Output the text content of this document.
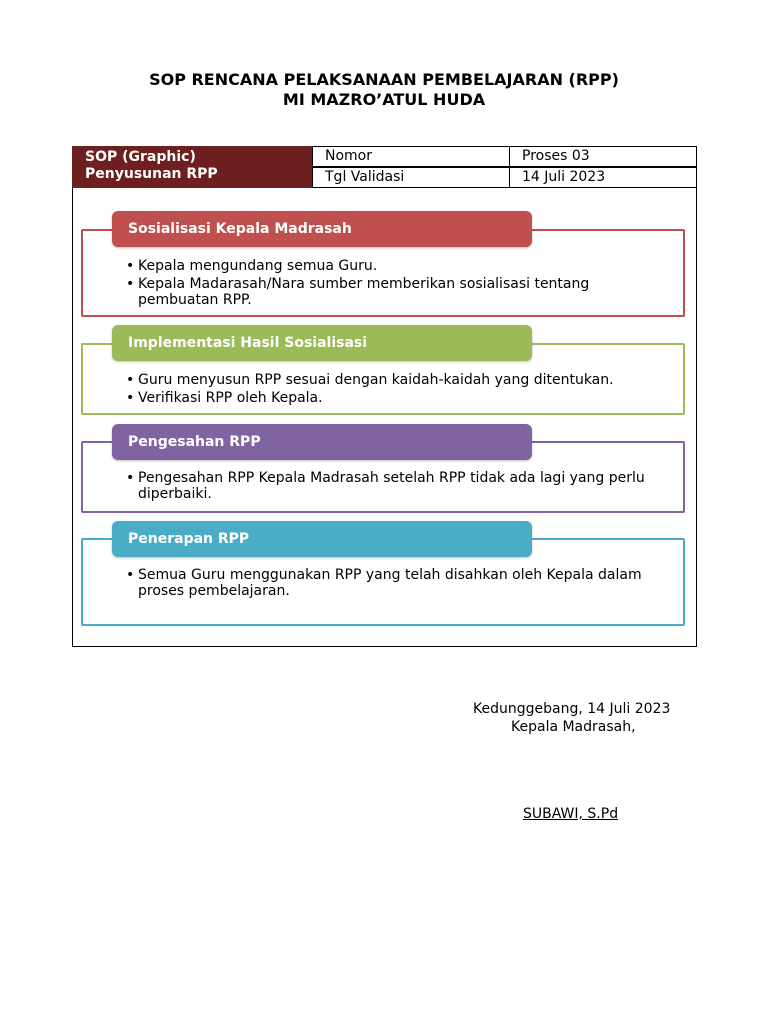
SOP RENCANA PELAKSANAAN PEMBELAJARAN (RPP)
MI MAZRO’ATUL HUDA
SOP (Graphic)
Penyusunan RPP
Nomor	Proses 03
Tgl Validasi	14 Juli 2023
Sosialisasi Kepala Madrasah
• Kepala mengundang semua Guru.
• Kepala Madarasah/Nara sumber memberikan sosialisasi tentang pembuatan RPP.
Implementasi Hasil Sosialisasi
• Guru menyusun RPP sesuai dengan kaidah-kaidah yang ditentukan.
• Verifikasi RPP oleh Kepala.
Pengesahan RPP
• Pengesahan RPP Kepala Madrasah setelah RPP tidak ada lagi yang perlu diperbaiki.
Penerapan RPP
• Semua Guru menggunakan RPP yang telah disahkan oleh Kepala dalam proses pembelajaran.
Kedunggebang, 14 Juli 2023
Kepala Madrasah,
SUBAWI, S.Pd
